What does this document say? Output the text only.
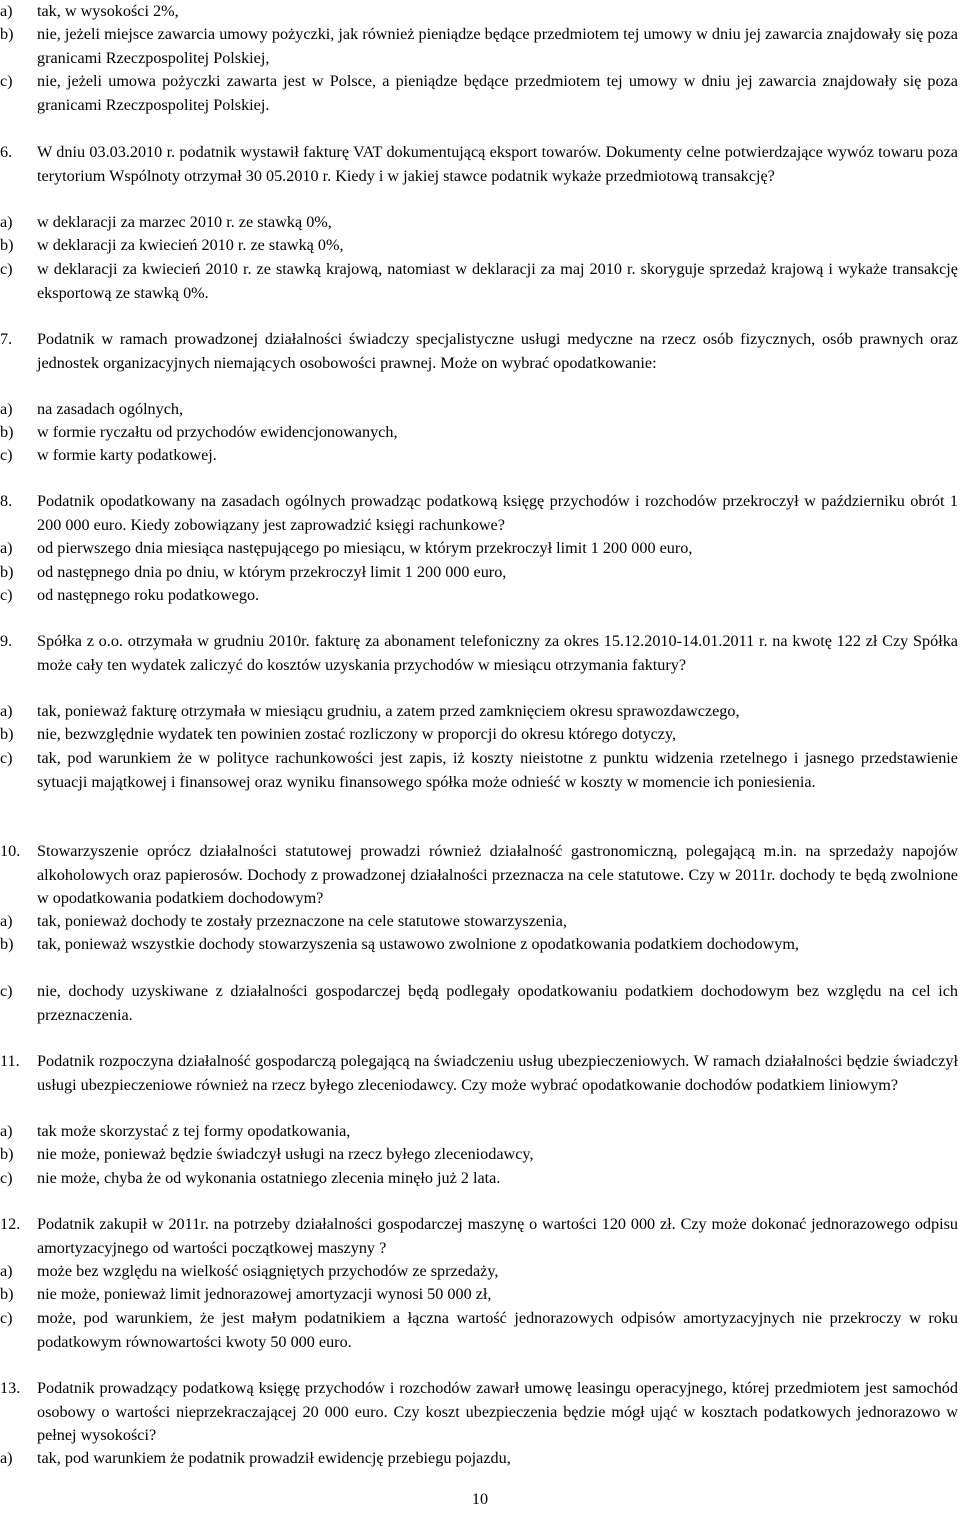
a) tak, w wysokości 2%,
b) nie, jeżeli miejsce zawarcia umowy pożyczki, jak również pieniądze będące przedmiotem tej umowy w dniu jej zawarcia znajdowały się poza granicami Rzeczpospolitej Polskiej,
c) nie, jeżeli umowa pożyczki zawarta jest w Polsce, a pieniądze będące przedmiotem tej umowy w dniu jej zawarcia znajdowały się poza granicami Rzeczpospolitej Polskiej.
6. W dniu 03.03.2010 r. podatnik wystawił fakturę VAT dokumentującą eksport towarów. Dokumenty celne potwierdzające wywóz towaru poza terytorium Wspólnoty otrzymał 30 05.2010 r. Kiedy i w jakiej stawce podatnik wykaże przedmiotową transakcję?
a) w deklaracji za marzec 2010 r. ze stawką 0%,
b) w deklaracji za kwiecień 2010 r. ze stawką 0%,
c) w deklaracji za kwiecień 2010 r. ze stawką krajową, natomiast w deklaracji za maj 2010 r. skoryguje sprzedaż krajową i wykaże transakcję eksportową ze stawką 0%.
7. Podatnik w ramach prowadzonej działalności świadczy specjalistyczne usługi medyczne na rzecz osób fizycznych, osób prawnych oraz jednostek organizacyjnych niemających osobowości prawnej. Może on wybrać opodatkowanie:
a) na zasadach ogólnych,
b) w formie ryczałtu od przychodów ewidencjonowanych,
c) w formie karty podatkowej.
8. Podatnik opodatkowany na zasadach ogólnych prowadząc podatkową księgę przychodów i rozchodów przekroczył w październiku obrót 1 200 000 euro. Kiedy zobowiązany jest zaprowadzić księgi rachunkowe?
a) od pierwszego dnia miesiąca następującego po miesiącu, w którym przekroczył limit 1 200 000 euro,
b) od następnego dnia po dniu, w którym przekroczył limit 1 200 000 euro,
c) od następnego roku podatkowego.
9. Spółka z o.o. otrzymała w grudniu 2010r. fakturę za abonament telefoniczny za okres 15.12.2010-14.01.2011 r. na kwotę 122 zł Czy Spółka może cały ten wydatek zaliczyć do kosztów uzyskania przychodów w miesiącu otrzymania faktury?
a) tak, ponieważ fakturę otrzymała w miesiącu grudniu, a zatem przed zamknięciem okresu sprawozdawczego,
b) nie, bezwzględnie wydatek ten powinien zostać rozliczony w proporcji do okresu którego dotyczy,
c) tak, pod warunkiem że w polityce rachunkowości jest zapis, iż koszty nieistotne z punktu widzenia rzetelnego i jasnego przedstawienie sytuacji majątkowej i finansowej oraz wyniku finansowego spółka może odnieść w koszty w momencie ich poniesienia.
10. Stowarzyszenie oprócz działalności statutowej prowadzi również działalność gastronomiczną, polegającą m.in. na sprzedaży napojów alkoholowych oraz papierosów. Dochody z prowadzonej działalności przeznacza na cele statutowe. Czy w 2011r. dochody te będą zwolnione w opodatkowania podatkiem dochodowym?
a) tak, ponieważ dochody te zostały przeznaczone na cele statutowe stowarzyszenia,
b) tak, ponieważ wszystkie dochody stowarzyszenia są ustawowo zwolnione z opodatkowania podatkiem dochodowym,
c) nie, dochody uzyskiwane z działalności gospodarczej będą podlegały opodatkowaniu podatkiem dochodowym bez względu na cel ich przeznaczenia.
11. Podatnik rozpoczyna działalność gospodarczą polegającą na świadczeniu usług ubezpieczeniowych. W ramach działalności będzie świadczył usługi ubezpieczeniowe również na rzecz byłego zleceniodawcy. Czy może wybrać opodatkowanie dochodów podatkiem liniowym?
a) tak może skorzystać z tej formy opodatkowania,
b) nie może, ponieważ będzie świadczył usługi na rzecz byłego zleceniodawcy,
c) nie może, chyba że od wykonania ostatniego zlecenia minęło już 2 lata.
12. Podatnik zakupił w 2011r. na potrzeby działalności gospodarczej maszynę o wartości 120 000 zł. Czy może dokonać jednorazowego odpisu amortyzacyjnego od wartości początkowej maszyny ?
a) może bez względu na wielkość osiągniętych przychodów ze sprzedaży,
b) nie może, ponieważ limit jednorazowej amortyzacji wynosi 50 000 zł,
c) może, pod warunkiem, że jest małym podatnikiem a łączna wartość jednorazowych odpisów amortyzacyjnych nie przekroczy w roku podatkowym równowartości kwoty 50 000 euro.
13. Podatnik prowadzący podatkową księgę przychodów i rozchodów zawarł umowę leasingu operacyjnego, której przedmiotem jest samochód osobowy o wartości nieprzekraczającej 20 000 euro. Czy koszt ubezpieczenia będzie mógł ująć w kosztach podatkowych jednorazowo w pełnej wysokości?
a) tak, pod warunkiem że podatnik prowadził ewidencję przebiegu pojazdu,
10
